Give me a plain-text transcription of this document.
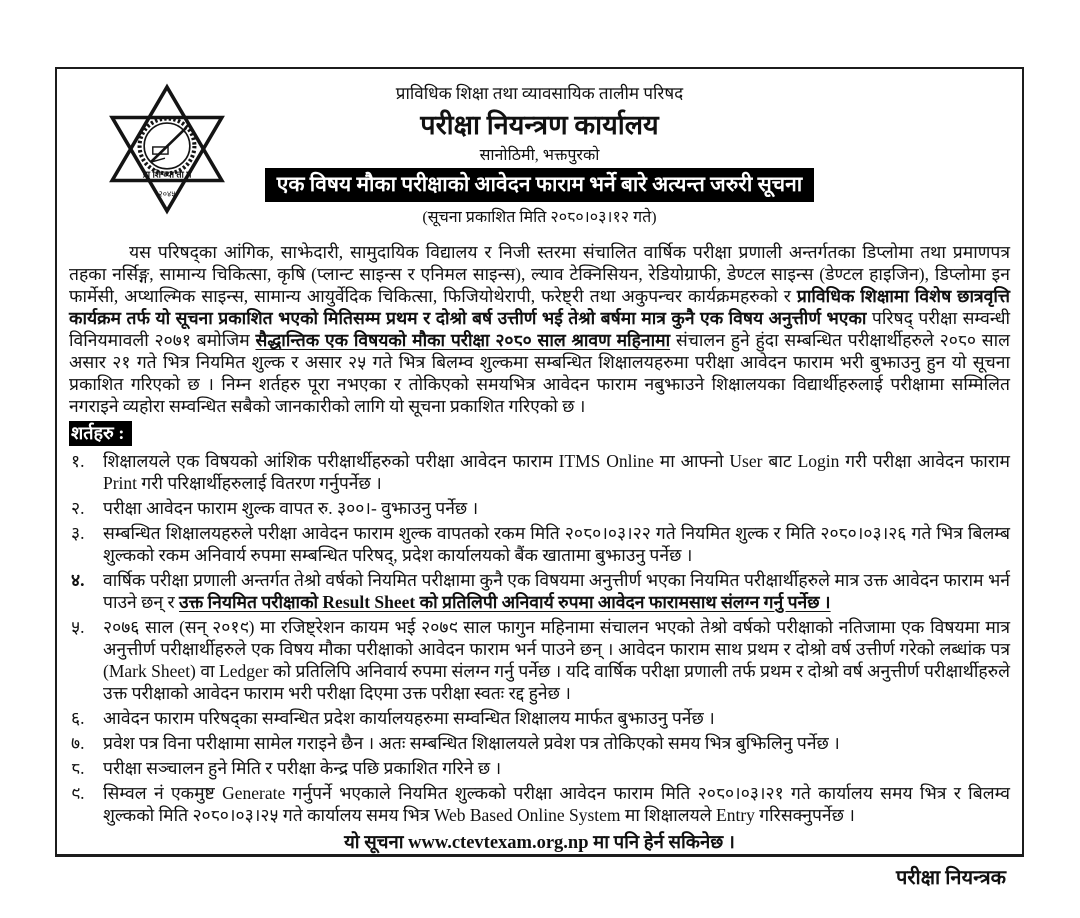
प्रा शि व्या ता प
२०४५
प्राविधिक शिक्षा तथा व्यावसायिक तालीम परिषद
परीक्षा नियन्त्रण कार्यालय
सानोठिमी, भक्तपुरको
एक विषय मौका परीक्षाको आवेदन फाराम भर्ने बारे अत्यन्त जरुरी सूचना
(सूचना प्रकाशित मिति २०८०।०३।१२ गते)

यस परिषद्का आंगिक, साझेदारी, सामुदायिक विद्यालय र निजी स्तरमा संचालित वार्षिक परीक्षा प्रणाली अन्तर्गतका डिप्लोमा तथा प्रमाणपत्र तहका नर्सिङ्ग, सामान्य चिकित्सा, कृषि (प्लान्ट साइन्स र एनिमल साइन्स), ल्याव टेक्निसियन, रेडियोग्राफी, डेण्टल साइन्स (डेण्टल हाइजिन), डिप्लोमा इन फार्मेसी, अप्थाल्मिक साइन्स, सामान्य आयुर्वेदिक चिकित्सा, फिजियोथेरापी, फरेष्ट्री तथा अकुपन्चर कार्यक्रमहरुको र प्राविधिक शिक्षामा विशेष छात्रवृत्ति कार्यक्रम तर्फ यो सूचना प्रकाशित भएको मितिसम्म प्रथम र दोश्रो बर्ष उत्तीर्ण भई तेश्रो बर्षमा मात्र कुनै एक विषय अनुत्तीर्ण भएका परिषद् परीक्षा सम्वन्धी विनियमावली २०७१ बमोजिम सैद्धान्तिक एक विषयको मौका परीक्षा २०८० साल श्रावण महिनामा संचालन हुने हुंदा सम्बन्धित परीक्षार्थीहरुले २०८० साल असार २१ गते भित्र नियमित शुल्क र असार २५ गते भित्र बिलम्व शुल्कमा सम्बन्धित शिक्षालयहरुमा परीक्षा आवेदन फाराम भरी बुझाउनु हुन यो सूचना प्रकाशित गरिएको छ । निम्न शर्तहरु पूरा नभएका र तोकिएको समयभित्र आवेदन फाराम नबुझाउने शिक्षालयका विद्यार्थीहरुलाई परीक्षामा सम्मिलित नगराइने व्यहोरा सम्वन्धित सबैको जानकारीको लागि यो सूचना प्रकाशित गरिएको छ ।

शर्तहरु :
१.	शिक्षालयले एक विषयको आंशिक परीक्षार्थीहरुको परीक्षा आवेदन फाराम ITMS Online मा आफ्नो User बाट Login गरी परीक्षा आवेदन फाराम Print गरी परिक्षार्थीहरुलाई वितरण गर्नुपर्नेछ ।
२.	परीक्षा आवेदन फाराम शुल्क वापत रु. ३००।- वुझाउनु पर्नेछ ।
३.	सम्बन्धित शिक्षालयहरुले परीक्षा आवेदन फाराम शुल्क वापतको रकम मिति २०८०।०३।२२ गते नियमित शुल्क र मिति २०८०।०३।२६ गते भित्र बिलम्ब शुल्कको रकम अनिवार्य रुपमा सम्बन्धित परिषद्, प्रदेश कार्यालयको बैंक खातामा बुझाउनु पर्नेछ ।
४.	वार्षिक परीक्षा प्रणाली अन्तर्गत तेश्रो वर्षको नियमित परीक्षामा कुनै एक विषयमा अनुत्तीर्ण भएका नियमित परीक्षार्थीहरुले मात्र उक्त आवेदन फाराम भर्न पाउने छन् र उक्त नियमित परीक्षाको Result Sheet को प्रतिलिपी अनिवार्य रुपमा आवेदन फारामसाथ संलग्न गर्नु पर्नेछ ।
५.	२०७६ साल (सन् २०१९) मा रजिष्ट्रेशन कायम भई २०७९ साल फागुन महिनामा संचालन भएको तेश्रो वर्षको परीक्षाको नतिजामा एक विषयमा मात्र अनुत्तीर्ण परीक्षार्थीहरुले एक विषय मौका परीक्षाको आवेदन फाराम भर्न पाउने छन् । आवेदन फाराम साथ प्रथम र दोश्रो वर्ष उत्तीर्ण गरेको लब्धांक पत्र (Mark Sheet) वा Ledger को प्रतिलिपि अनिवार्य रुपमा संलग्न गर्नु पर्नेछ । यदि वार्षिक परीक्षा प्रणाली तर्फ प्रथम र दोश्रो वर्ष अनुत्तीर्ण परीक्षार्थीहरुले उक्त परीक्षाको आवेदन फाराम भरी परीक्षा दिएमा उक्त परीक्षा स्वतः रद्द हुनेछ ।
६.	आवेदन फाराम परिषद्का सम्वन्धित प्रदेश कार्यालयहरुमा सम्वन्धित शिक्षालय मार्फत बुझाउनु पर्नेछ ।
७.	प्रवेश पत्र विना परीक्षामा सामेल गराइने छैन । अतः सम्बन्धित शिक्षालयले प्रवेश पत्र तोकिएको समय भित्र बुझिलिनु पर्नेछ ।
८.	परीक्षा सञ्चालन हुने मिति र परीक्षा केन्द्र पछि प्रकाशित गरिने छ ।
९.	सिम्वल नं एकमुष्ट Generate गर्नुपर्ने भएकाले नियमित शुल्कको परीक्षा आवेदन फाराम मिति २०८०।०३।२१ गते कार्यालय समय भित्र र बिलम्व शुल्कको मिति २०८०।०३।२५ गते कार्यालय समय भित्र Web Based Online System मा शिक्षालयले Entry गरिसक्नुपर्नेछ ।
यो सूचना www.ctevtexam.org.np मा पनि हेर्न सकिनेछ ।
परीक्षा नियन्त्रक
